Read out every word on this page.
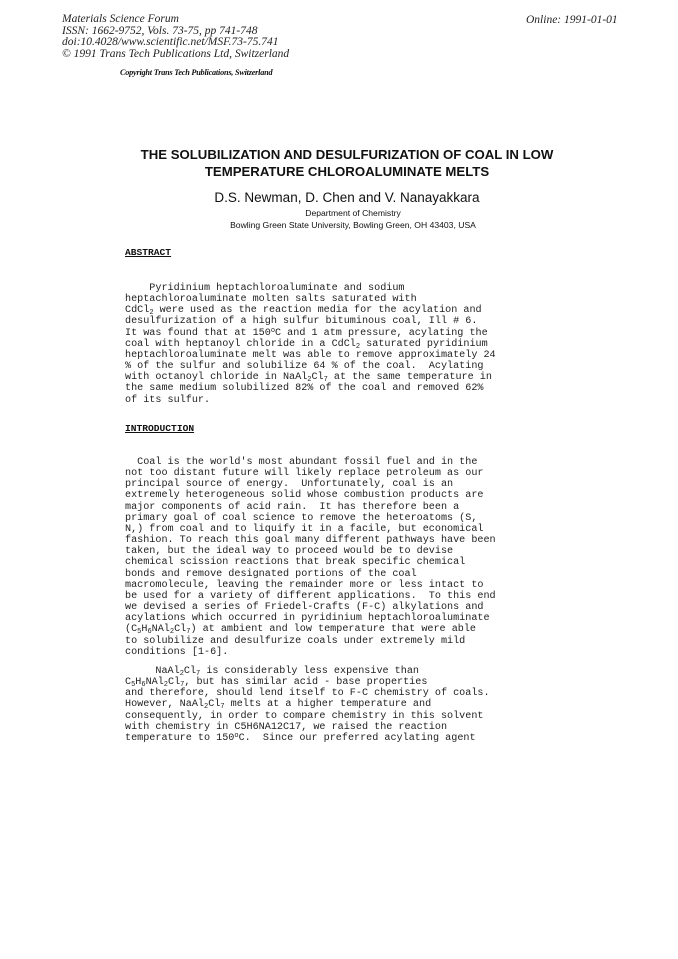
Materials Science Forum
ISSN: 1662-9752, Vols. 73-75, pp 741-748
doi:10.4028/www.scientific.net/MSF.73-75.741
© 1991 Trans Tech Publications Ltd, Switzerland
Online: 1991-01-01
Copyright Trans Tech Publications, Switzerland
THE SOLUBILIZATION AND DESULFURIZATION OF COAL IN LOW
TEMPERATURE CHLOROALUMINATE MELTS
D.S. Newman, D. Chen and V. Nanayakkara
Department of Chemistry
Bowling Green State University, Bowling Green, OH 43403, USA
ABSTRACT
Pyridinium heptachloroaluminate and sodium
heptachloroaluminate molten salts saturated with
CdCl$_2$ were used as the reaction media for the acylation and
desulfurization of a high sulfur bituminous coal, Ill # 6.
It was found that at 150$^o$C and 1 atm pressure, acylating the
coal with heptanoyl chloride in a CdCl$_2$ saturated pyridinium
heptachloroaluminate melt was able to remove approximately 24
% of the sulfur and solubilize 64 % of the coal.  Acylating
with octanoyl chloride in $NaAl_2Cl_7$ at the same temperature in
the same medium solubilized 82% of the coal and removed 62%
of its sulfur.
INTRODUCTION
Coal is the world's most abundant fossil fuel and in the
not too distant future will likely replace petroleum as our
principal source of energy.  Unfortunately, coal is an
extremely heterogeneous solid whose combustion products are
major components of acid rain.  It has therefore been a
primary goal of coal science to remove the heteroatoms (S,
N,) from coal and to liquify it in a facile, but economical
fashion. To reach this goal many different pathways have been
taken, but the ideal way to proceed would be to devise
chemical scission reactions that break specific chemical
bonds and remove designated portions of the coal
macromolecule, leaving the remainder more or less intact to
be used for a variety of different applications.  To this end
we devised a series of Friedel-Crafts (F-C) alkylations and
acylations which occurred in pyridinium heptachloroaluminate
$(C_5H_6NAl_2Cl_7)$ at ambient and low temperature that were able
to solubilize and desulfurize coals under extremely mild
conditions [1-6].
$NaAl_2Cl_7$ is considerably less expensive than
$C_5H_6NAl_2Cl_7$, but has similar acid - base properties
and therefore, should lend itself to F-C chemistry of coals.
However, $NaAl_2Cl_7$ melts at a higher temperature and
consequently, in order to compare chemistry in this solvent
with chemistry in C5H6NA12C17, we raised the reaction
temperature to 150$^o$C.  Since our preferred acylating agent
